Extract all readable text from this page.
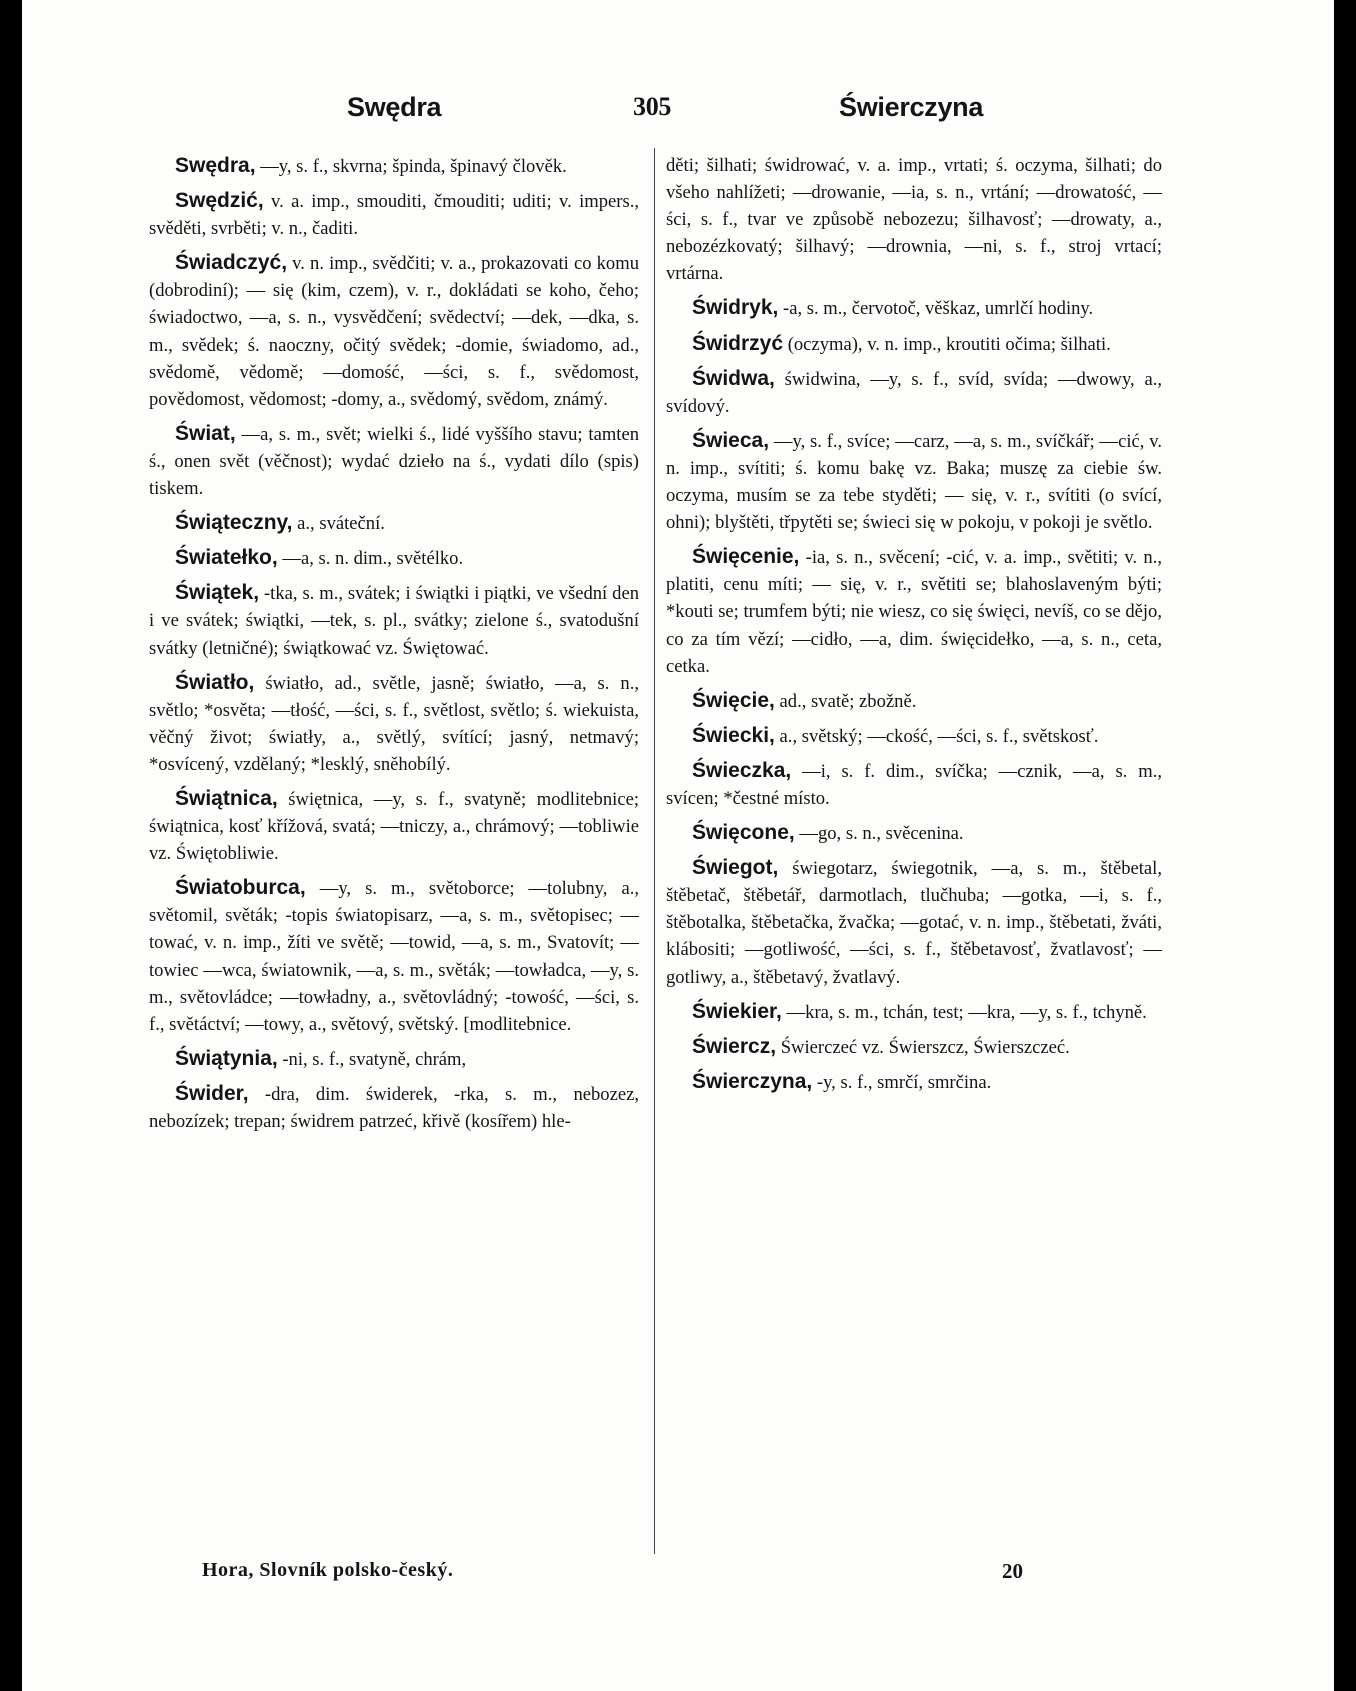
Swędra	305	Świerczyna

Swędra, —y, s. f., skvrna; špinda, špinavý člověk.

Swędzić, v. a. imp., smouditi, čmouditi; uditi; v. impers., svěděti, svrběti; v. n., čaditi.

Świadczyć, v. n. imp., svědčiti; v. a., prokazovati co komu (dobrodiní); — się (kim, czem), v. r., dokládati se koho, čeho; świadoctwo, —a, s. n., vysvědčení; svědectví; —dek, —dka, s. m., svědek; ś. naoczny, očitý svědek; -domie, świadomo, ad., svědomě, vědomě; —domość, —ści, s. f., svědomost, povědomost, vědomost; -domy, a., svědomý, svědom, známý.

Świat, —a, s. m., svět; wielki ś., lidé vyššího stavu; tamten ś., onen svět (věčnost); wydać dzieło na ś., vydati dílo (spis) tiskem.

Świąteczny, a., sváteční.

Światełko, —a, s. n. dim., světélko.

Świątek, -tka, s. m., svátek; i świątki i piątki, ve všední den i ve svátek; świątki, —tek, s. pl., svátky; zielone ś., svatodušní svátky (letničné); świątkować vz. Świętować.

Światło, światło, ad., světle, jasně; światło, —a, s. n., světlo; *osvěta; —tłość, —ści, s. f., světlost, světlo; ś. wiekuista, věčný život; światły, a., světlý, svítící; jasný, netmavý; *osvícený, vzdělaný; *lesklý, sněhobílý.

Świątnica, świętnica, —y, s. f., svatyně; modlitebnice; świątnica, kosť křížová, svatá; —tniczy, a., chrámový; —tobliwie vz. Świętobliwie.

Światoburca, —y, s. m., světoborce; —tolubny, a., světomil, světák; -topis światopisarz, —a, s. m., světopisec; —tować, v. n. imp., žíti ve světě; —towid, —a, s. m., Svatovít; —towiec —wca, światownik, —a, s. m., světák; —towładca, —y, s. m., světovládce; —towładny, a., světovládný; -towość, —ści, s. f., světáctví; —towy, a., světový, světský. [modlitebnice.

Świątynia, -ni, s. f., svatyně, chrám,

Świder, -dra, dim. świderek, -rka, s. m., nebozez, nebozízek; trepan; świdrem patrzeć, křivě (kosířem) hle-

děti; šilhati; świdrować, v. a. imp., vrtati; ś. oczyma, šilhati; do všeho nahlížeti; —drowanie, —ia, s. n., vrtání; —drowatość, —ści, s. f., tvar ve způsobě nebozezu; šilhavosť; —drowaty, a., nebozézkovatý; šilhavý; —drownia, —ni, s. f., stroj vrtací; vrtárna.

Świdryk, -a, s. m., červotoč, věškaz, umrlčí hodiny.

Świdrzyć (oczyma), v. n. imp., kroutiti očima; šilhati.

Świdwa, świdwina, —y, s. f., svíd, svída; —dwowy, a., svídový.

Świeca, —y, s. f., svíce; —carz, —a, s. m., svíčkář; —cić, v. n. imp., svítiti; ś. komu bakę vz. Baka; muszę za ciebie św. oczyma, musím se za tebe styděti; — się, v. r., svítiti (o svící, ohni); blyštěti, třpytěti se; świeci się w pokoju, v pokoji je světlo.

Święcenie, -ia, s. n., svěcení; -cić, v. a. imp., světiti; v. n., platiti, cenu míti; — się, v. r., světiti se; blahoslaveným býti; *kouti se; trumfem býti; nie wiesz, co się święci, nevíš, co se dějo, co za tím vězí; —cidło, —a, dim. święcidełko, —a, s. n., ceta, cetka.

Święcie, ad., svatě; zbožně.

Świecki, a., světský; —ckość, —ści, s. f., světskosť.

Świeczka, —i, s. f. dim., svíčka; —cznik, —a, s. m., svícen; *čestné místo.

Święcone, —go, s. n., svěcenina.

Świegot, świegotarz, świegotnik, —a, s. m., štěbetal, štěbetač, štěbetář, darmotlach, tlučhuba; —gotka, —i, s. f., štěbotalka, štěbetačka, žvačka; —gotać, v. n. imp., štěbetati, žváti, klábositi; —gotliwość, —ści, s. f., štěbetavosť, žvatlavosť; —gotliwy, a., štěbetavý, žvatlavý.

Świekier, —kra, s. m., tchán, test; —kra, —y, s. f., tchyně.

Świercz, Świerczeć vz. Świerszcz, Świerszczeć.

Świerczyna, -y, s. f., smrčí, smrčina.

Hora, Slovník polsko-český.	20
